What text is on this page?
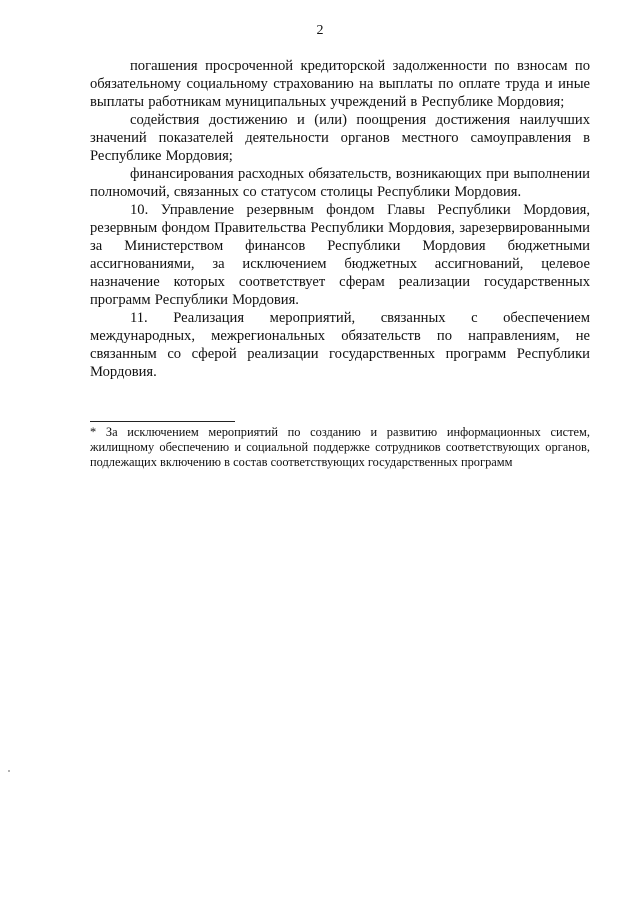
2

погашения просроченной кредиторской задолженности по взносам по обязательному социальному страхованию на выплаты по оплате труда и иные выплаты работникам муниципальных учреждений в Республике Мордовия;

содействия достижению и (или) поощрения достижения наилучших значений показателей деятельности органов местного самоуправления в Республике Мордовия;

финансирования расходных обязательств, возникающих при выполнении полномочий, связанных со статусом столицы Республики Мордовия.

10. Управление резервным фондом Главы Республики Мордовия, резервным фондом Правительства Республики Мордовия, зарезервированными за Министерством финансов Республики Мордовия бюджетными ассигнованиями, за исключением бюджетных ассигнований, целевое назначение которых соответствует сферам реализации государственных программ Республики Мордовия.

11. Реализация мероприятий, связанных с обеспечением международных, межрегиональных обязательств по направлениям, не связанным со сферой реализации государственных программ Республики Мордовия.

* За исключением мероприятий по созданию и развитию информационных систем, жилищному обеспечению и социальной поддержке сотрудников соответствующих органов, подлежащих включению в состав соответствующих государственных программ
